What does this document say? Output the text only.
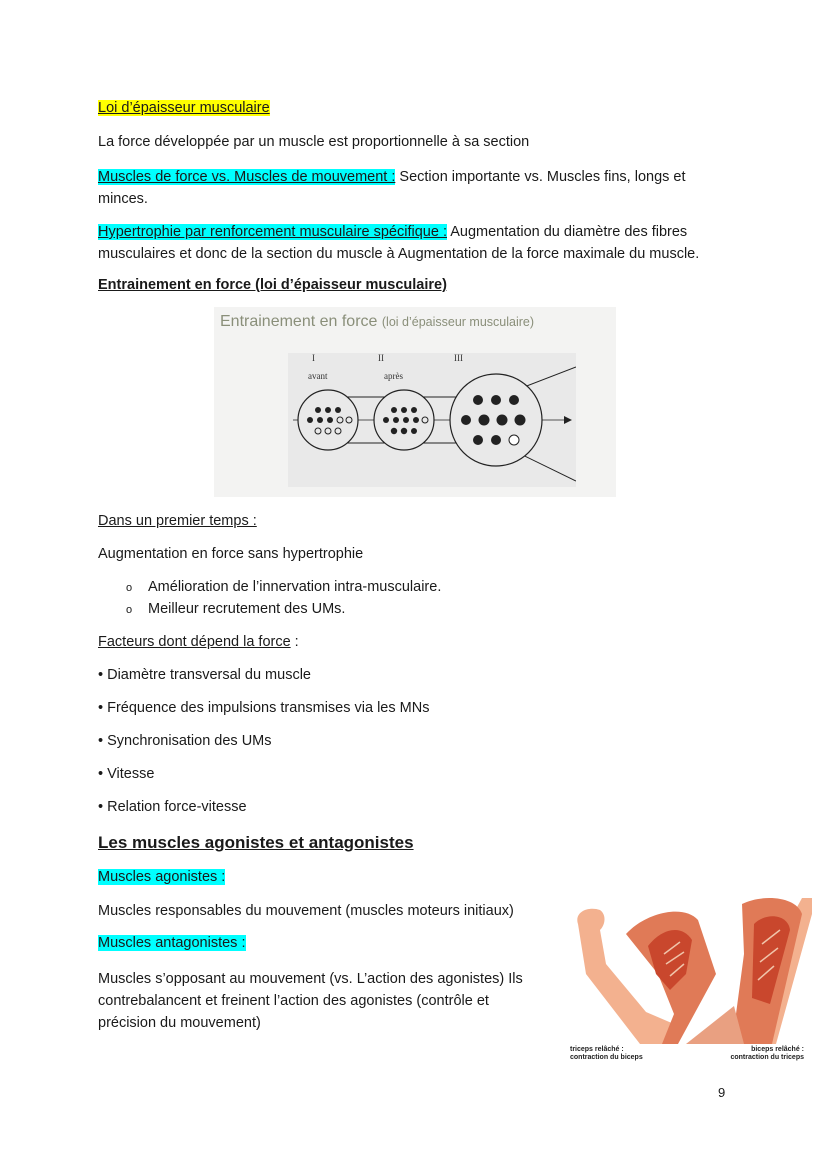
Loi d’épaisseur musculaire
La force développée par un muscle est proportionnelle à sa section
Muscles de force vs. Muscles de mouvement : Section importante vs. Muscles fins, longs et
minces.
Hypertrophie par renforcement musculaire spécifique : Augmentation du diamètre des fibres
musculaires et donc de la section du muscle à Augmentation de la force maximale du muscle.
Entrainement en force (loi d’épaisseur musculaire)
Entrainement en force (loi d’épaisseur musculaire)
I	II	III
avant	après
Dans un premier temps :
Augmentation en force sans hypertrophie
o Amélioration de l’innervation intra-musculaire.
o Meilleur recrutement des UMs.
Facteurs dont dépend la force :
• Diamètre transversal du muscle
• Fréquence des impulsions transmises via les MNs
• Synchronisation des UMs
• Vitesse
• Relation force-vitesse
Les muscles agonistes et antagonistes
Muscles agonistes :
Muscles responsables du mouvement (muscles moteurs initiaux)
Muscles antagonistes :
Muscles s’opposant au mouvement (vs. L’action des agonistes) Ils
contrebalancent et freinent l’action des agonistes (contrôle et
précision du mouvement)
triceps relâché :
contraction du biceps
biceps relâché :
contraction du triceps
9
